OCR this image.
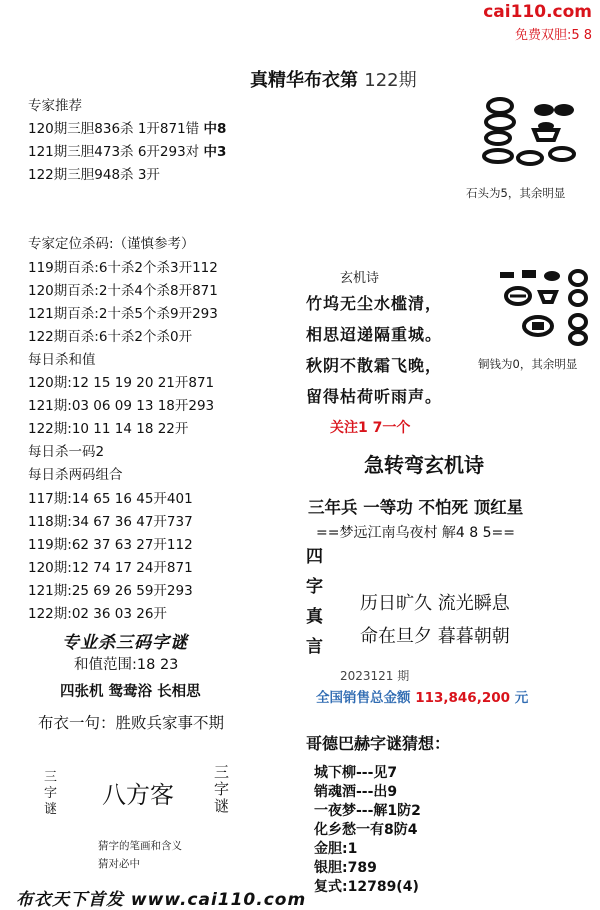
cai110.com
免费双胆:5 8
真精华布衣第 122期
专家推荐
120期三胆836杀 1开871错 中8
121期三胆473杀 6开293对 中3
122期三胆948杀 3开
石头为5，其余明显
专家定位杀码:（谨慎参考）
119期百杀:6十杀2个杀3开112
120期百杀:2十杀4个杀8开871
121期百杀:2十杀5个杀9开293
122期百杀:6十杀2个杀0开
每日杀和值
120期:12 15 19 20 21开871
121期:03 06 09 13 18开293
122期:10 11 14 18 22开
每日杀一码2
每日杀两码组合
117期:14 65 16 45开401
118期:34 67 36 47开737
119期:62 37 63 27开112
120期:12 74 17 24开871
121期:25 69 26 59开293
122期:02 36 03 26开
专业杀三码字谜
和值范围:18 23
四张机 鸳鸯浴 长相思
布衣一句：胜败兵家事不期
三
字
谜
八方客
三
字
谜
猜字的笔画和含义
猜对必中
铜钱为0，其余明显
玄机诗
竹坞无尘水槛清，
相思迢递隔重城。
秋阴不散霜飞晚，
留得枯荷听雨声。
关注1 7一个
急转弯玄机诗
三年兵 一等功 不怕死 顶红星
==梦远江南乌夜村 解4 8 5==
四
字
真
言
历日旷久 流光瞬息
命在旦夕 暮暮朝朝
2023121 期
全国销售总金额 113,846,200 元
哥德巴赫字谜猜想：
城下柳---见7
销魂酒---出9
一夜梦---解1防2
化乡愁一有8防4
金胆:1
银胆:789
复式:12789(4)
布衣天下首发 www.cai110.com
